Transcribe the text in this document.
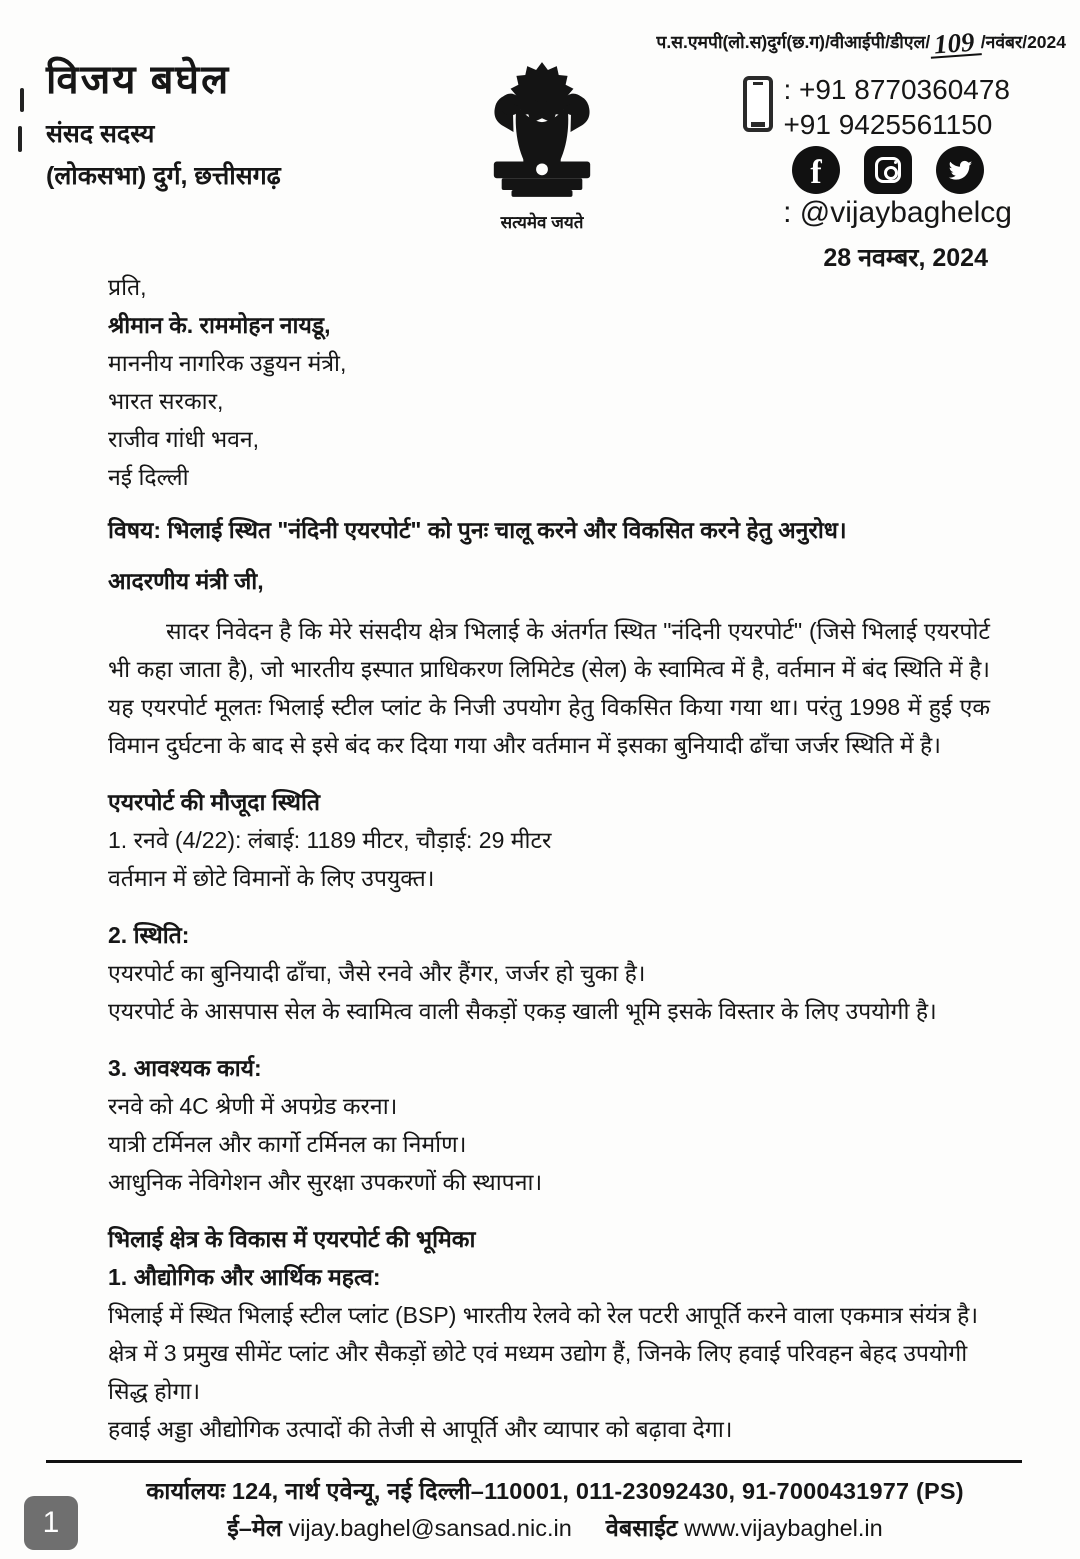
विजय बघेल
संसद सदस्य
(लोकसभा) दुर्ग, छत्तीसगढ़
सत्यमेव जयते
प.स.एमपी(लो.स)दुर्ग(छ.ग)/वीआईपी/डीएल/ 109 /नवंबर/2024
: +91 8770360478
+91 9425561150
f
: @vijaybaghelcg
28 नवम्बर, 2024
प्रति,
श्रीमान के. राममोहन नायडू,
माननीय नागरिक उड्डयन मंत्री,
भारत सरकार,
राजीव गांधी भवन,
नई दिल्ली
विषय: भिलाई स्थित "नंदिनी एयरपोर्ट" को पुनः चालू करने और विकसित करने हेतु अनुरोध।
आदरणीय मंत्री जी,
सादर निवेदन है कि मेरे संसदीय क्षेत्र भिलाई के अंतर्गत स्थित "नंदिनी एयरपोर्ट" (जिसे भिलाई एयरपोर्ट भी कहा जाता है), जो भारतीय इस्पात प्राधिकरण लिमिटेड (सेल) के स्वामित्व में है, वर्तमान में बंद स्थिति में है। यह एयरपोर्ट मूलतः भिलाई स्टील प्लांट के निजी उपयोग हेतु विकसित किया गया था। परंतु 1998 में हुई एक विमान दुर्घटना के बाद से इसे बंद कर दिया गया और वर्तमान में इसका बुनियादी ढाँचा जर्जर स्थिति में है।
एयरपोर्ट की मौजूदा स्थिति
1. रनवे (4/22): लंबाई: 1189 मीटर, चौड़ाई: 29 मीटर
वर्तमान में छोटे विमानों के लिए उपयुक्त।
2. स्थिति:
एयरपोर्ट का बुनियादी ढाँचा, जैसे रनवे और हैंगर, जर्जर हो चुका है।
एयरपोर्ट के आसपास सेल के स्वामित्व वाली सैकड़ों एकड़ खाली भूमि इसके विस्तार के लिए उपयोगी है।
3. आवश्यक कार्य:
रनवे को 4C श्रेणी में अपग्रेड करना।
यात्री टर्मिनल और कार्गो टर्मिनल का निर्माण।
आधुनिक नेविगेशन और सुरक्षा उपकरणों की स्थापना।
भिलाई क्षेत्र के विकास में एयरपोर्ट की भूमिका
1. औद्योगिक और आर्थिक महत्व:
भिलाई में स्थित भिलाई स्टील प्लांट (BSP) भारतीय रेलवे को रेल पटरी आपूर्ति करने वाला एकमात्र संयंत्र है।
क्षेत्र में 3 प्रमुख सीमेंट प्लांट और सैकड़ों छोटे एवं मध्यम उद्योग हैं, जिनके लिए हवाई परिवहन बेहद उपयोगी सिद्ध होगा।
हवाई अड्डा औद्योगिक उत्पादों की तेजी से आपूर्ति और व्यापार को बढ़ावा देगा।
कार्यालयः 124, नार्थ एवेन्यू, नई दिल्ली–110001, 011-23092430, 91-7000431977 (PS)
ई–मेल vijay.baghel@sansad.nic.in वेबसाईट www.vijaybaghel.in
1
